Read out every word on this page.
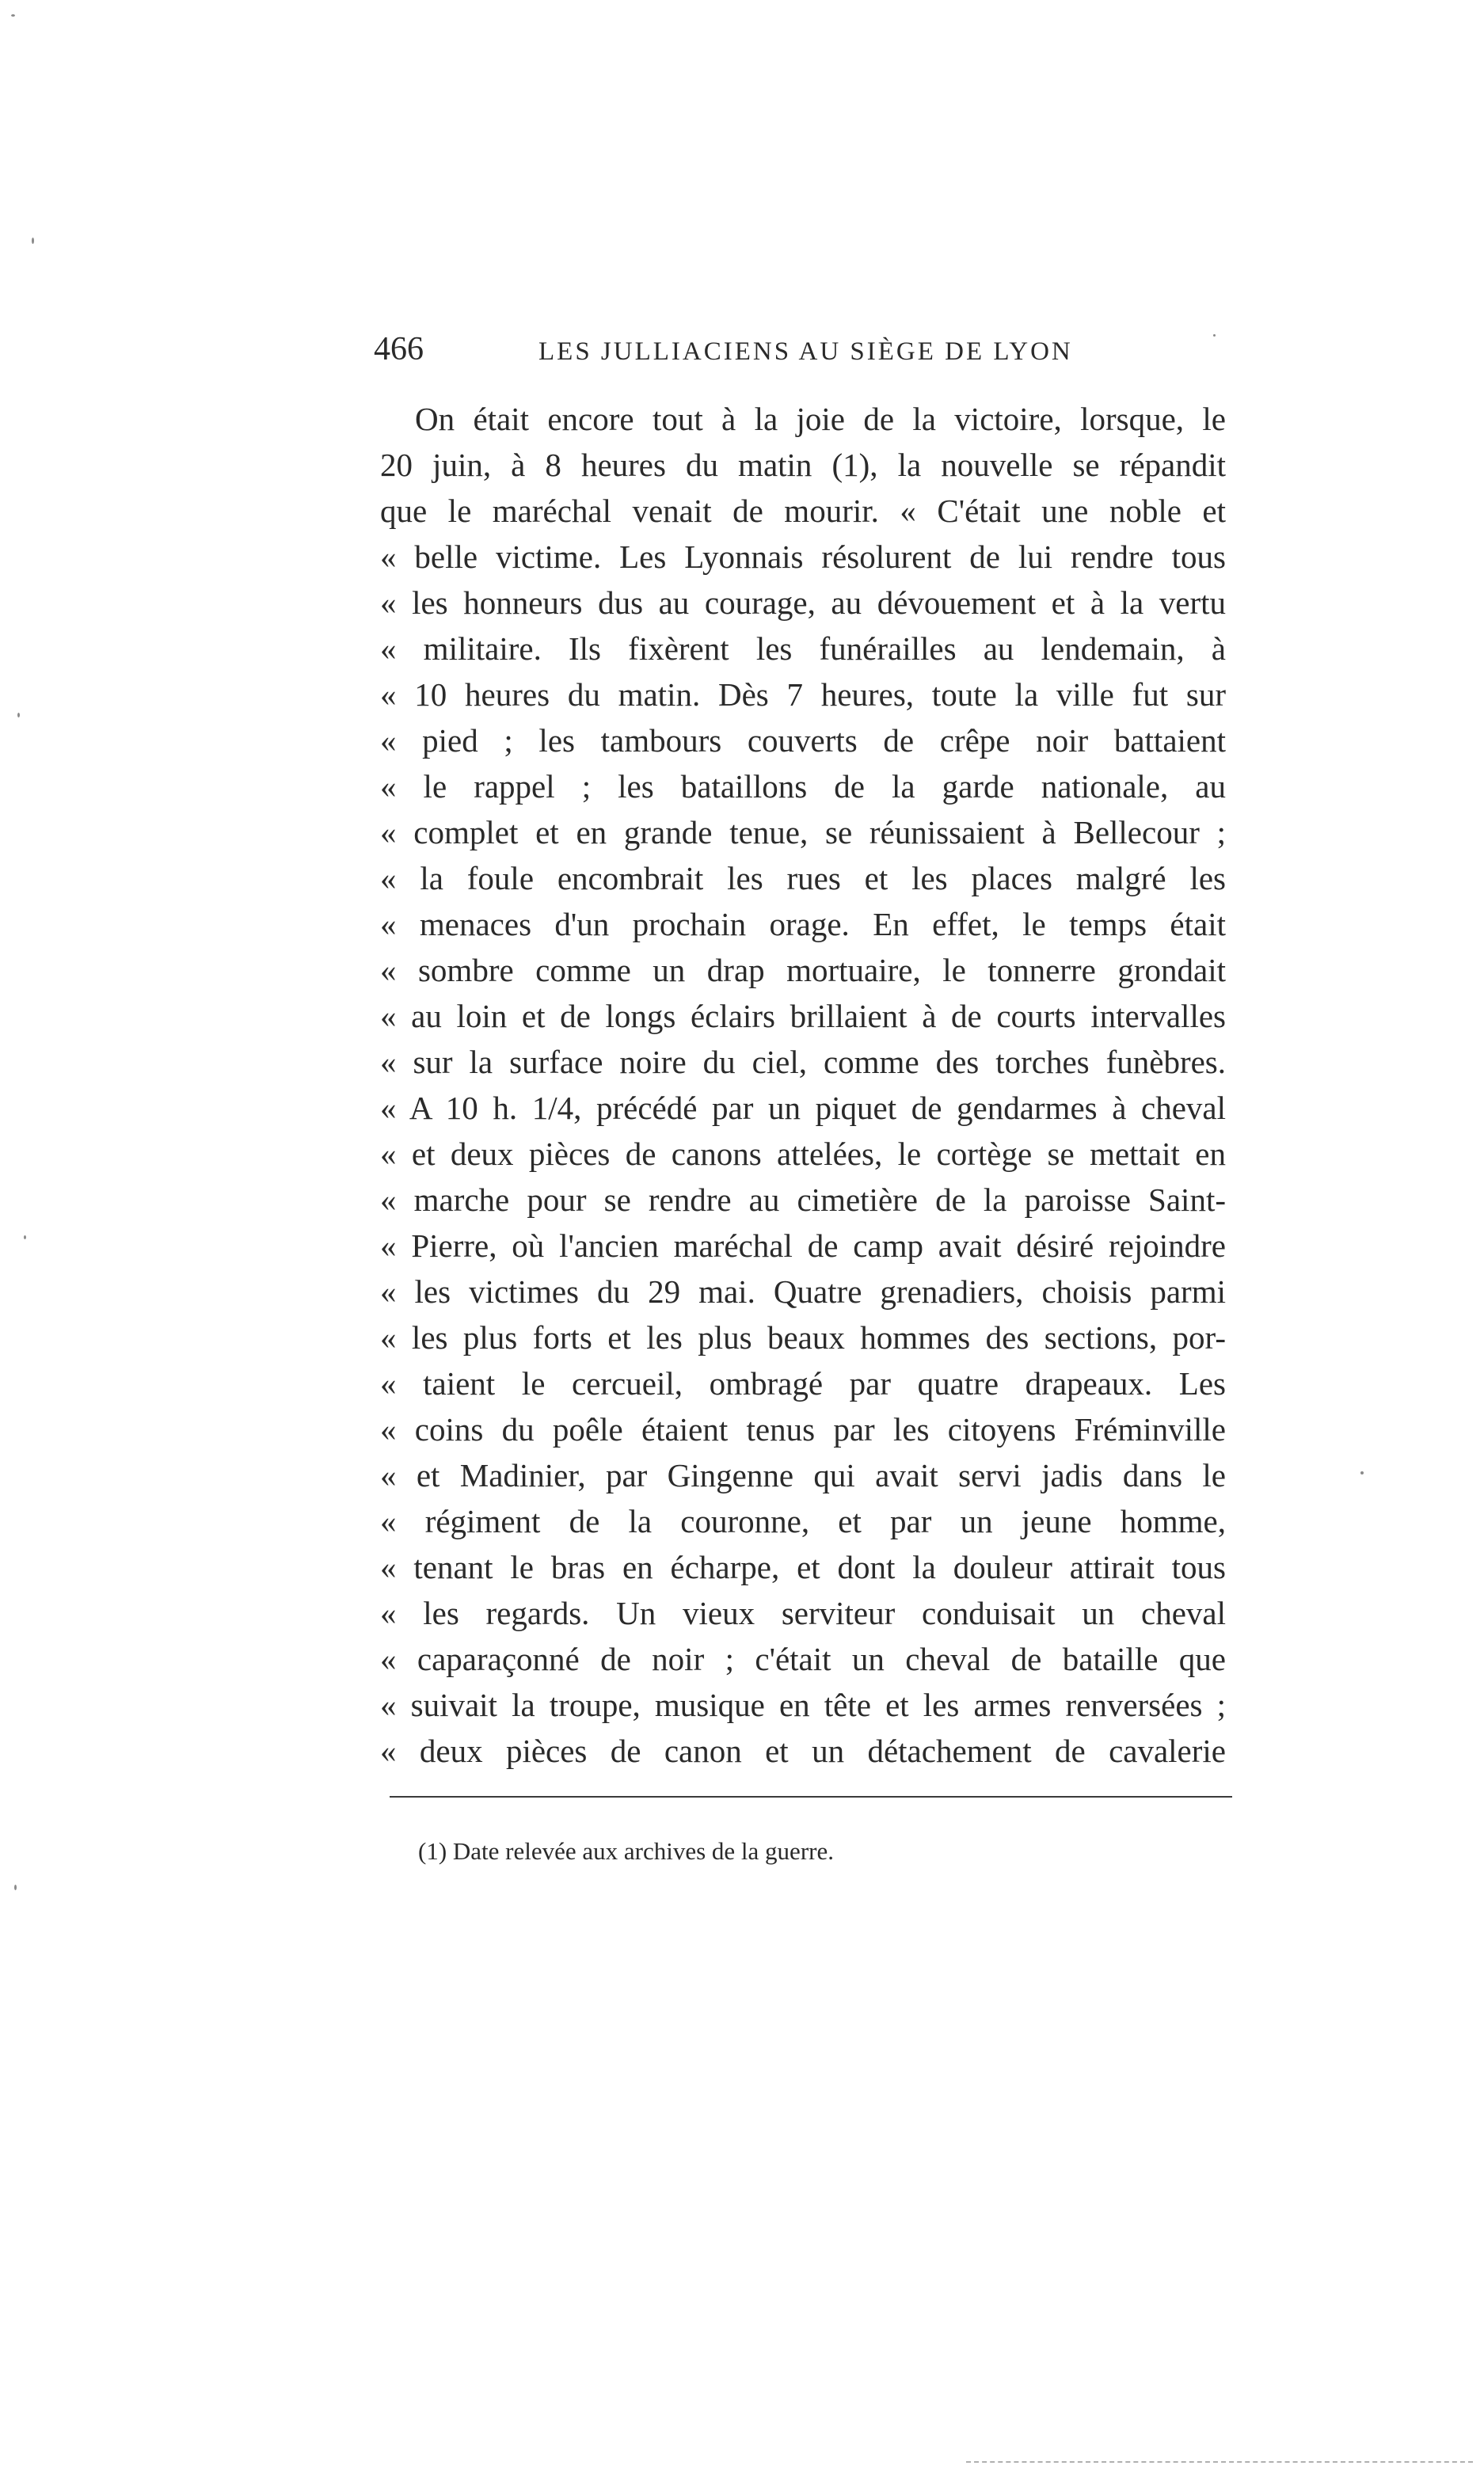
466	LES JULLIACIENS AU SIÈGE DE LYON
On était encore tout à la joie de la victoire, lorsque, le
20 juin, à 8 heures du matin (1), la nouvelle se répandit
que le maréchal venait de mourir. « C'était une noble et
« belle victime. Les Lyonnais résolurent de lui rendre tous
« les honneurs dus au courage, au dévouement et à la vertu
« militaire. Ils fixèrent les funérailles au lendemain, à
« 10 heures du matin. Dès 7 heures, toute la ville fut sur
« pied ; les tambours couverts de crêpe noir battaient
« le rappel ; les bataillons de la garde nationale, au
« complet et en grande tenue, se réunissaient à Bellecour ;
« la foule encombrait les rues et les places malgré les
« menaces d'un prochain orage. En effet, le temps était
« sombre comme un drap mortuaire, le tonnerre grondait
« au loin et de longs éclairs brillaient à de courts intervalles
« sur la surface noire du ciel, comme des torches funèbres.
« A 10 h. 1/4, précédé par un piquet de gendarmes à cheval
« et deux pièces de canons attelées, le cortège se mettait en
« marche pour se rendre au cimetière de la paroisse Saint-
« Pierre, où l'ancien maréchal de camp avait désiré rejoindre
« les victimes du 29 mai. Quatre grenadiers, choisis parmi
« les plus forts et les plus beaux hommes des sections, por-
« taient le cercueil, ombragé par quatre drapeaux. Les
« coins du poêle étaient tenus par les citoyens Fréminville
« et Madinier, par Gingenne qui avait servi jadis dans le
« régiment de la couronne, et par un jeune homme,
« tenant le bras en écharpe, et dont la douleur attirait tous
« les regards. Un vieux serviteur conduisait un cheval
« caparaçonné de noir ; c'était un cheval de bataille que
« suivait la troupe, musique en tête et les armes renversées ;
« deux pièces de canon et un détachement de cavalerie
(1) Date relevée aux archives de la guerre.
